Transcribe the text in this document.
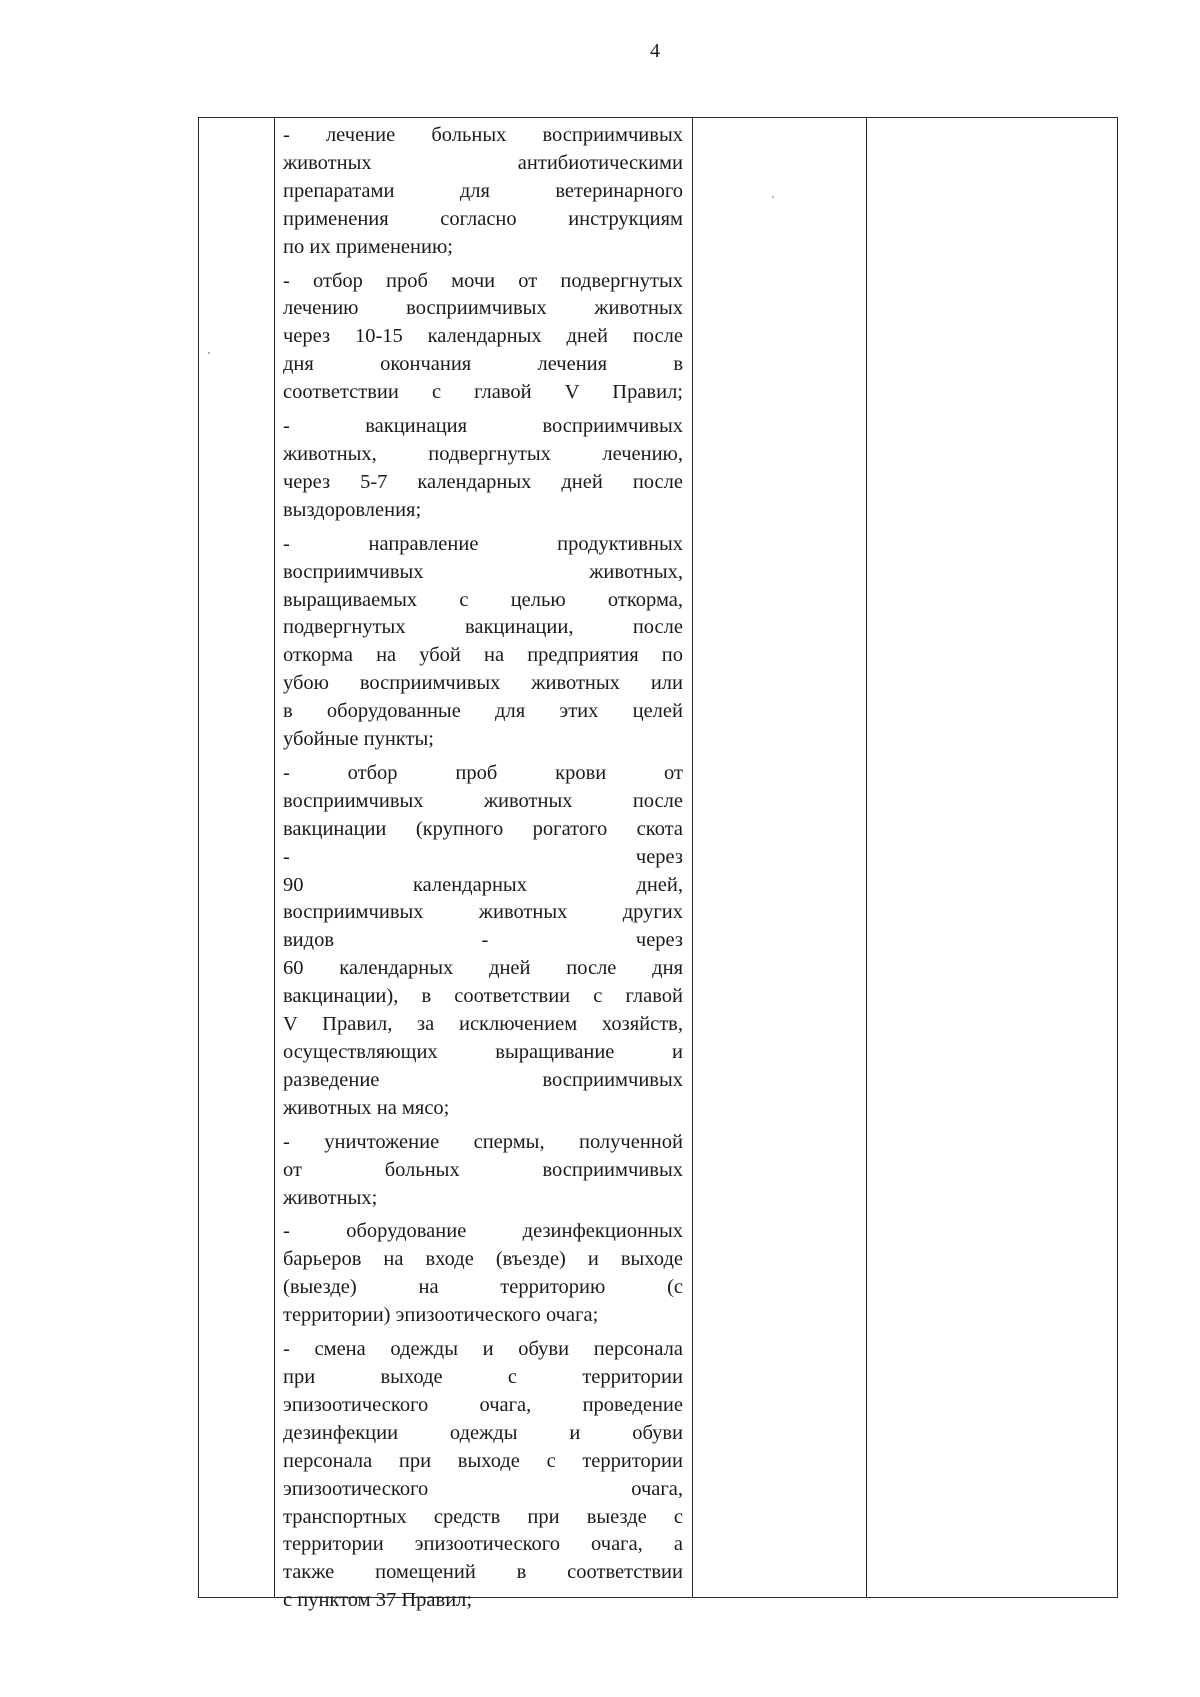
4
- лечение больных восприимчивых
животных антибиотическими
препаратами для ветеринарного
применения согласно инструкциям
по их применению;
- отбор проб мочи от подвергнутых
лечению восприимчивых животных
через 10-15 календарных дней после
дня окончания лечения в
соответствии с главой V Правил;
- вакцинация восприимчивых
животных, подвергнутых лечению,
через 5-7 календарных дней после
выздоровления;
- направление продуктивных
восприимчивых животных,
выращиваемых с целью откорма,
подвергнутых вакцинации, после
откорма на убой на предприятия по
убою восприимчивых животных или
в оборудованные для этих целей
убойные пункты;
- отбор проб крови от
восприимчивых животных после
вакцинации (крупного рогатого скота
- через
90 календарных дней,
восприимчивых животных других
видов - через
60 календарных дней после дня
вакцинации), в соответствии с главой
V Правил, за исключением хозяйств,
осуществляющих выращивание и
разведение восприимчивых
животных на мясо;
- уничтожение спермы, полученной
от больных восприимчивых
животных;
- оборудование дезинфекционных
барьеров на входе (въезде) и выходе
(выезде) на территорию (с
территории) эпизоотического очага;
- смена одежды и обуви персонала
при выходе с территории
эпизоотического очага, проведение
дезинфекции одежды и обуви
персонала при выходе с территории
эпизоотического очага,
транспортных средств при выезде с
территории эпизоотического очага, а
также помещений в соответствии
с пунктом 37 Правил;
